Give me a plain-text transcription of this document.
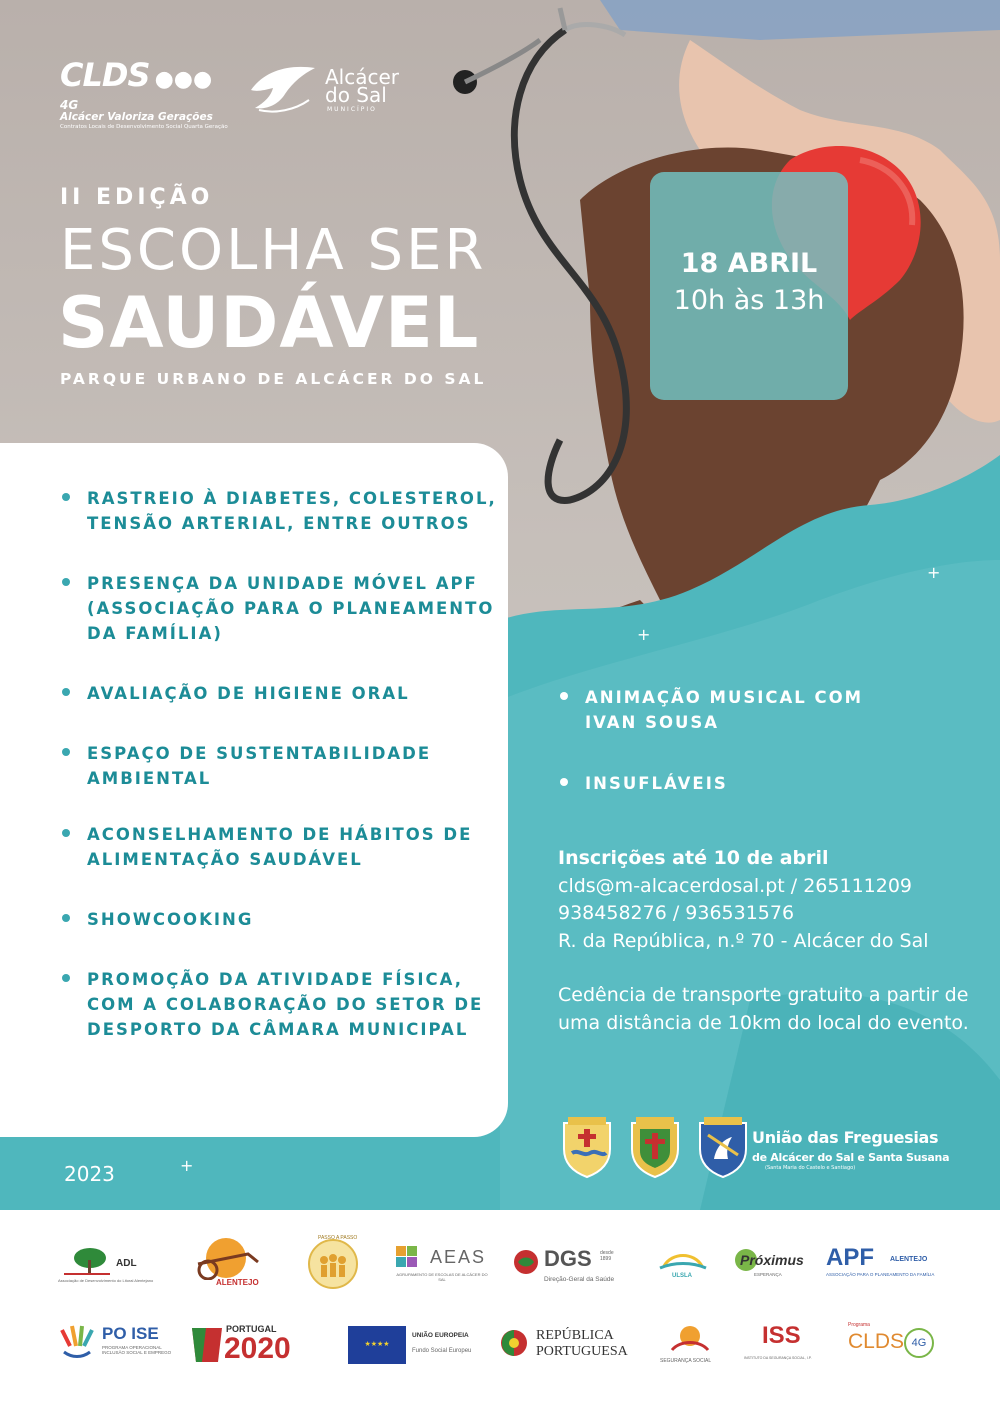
CLDS ●●● 4G
Alcácer Valoriza Gerações
Contratos Locais de Desenvolvimento Social Quarta Geração
Alcácer
do Sal
MUNICÍPIO
II EDIÇÃO
ESCOLHA SER
SAUDÁVEL
PARQUE URBANO DE ALCÁCER DO SAL
18 ABRIL
10h às 13h
RASTREIO À DIABETES, COLESTEROL, TENSÃO ARTERIAL, ENTRE OUTROS
PRESENÇA DA UNIDADE MÓVEL APF (ASSOCIAÇÃO PARA O PLANEAMENTO DA FAMÍLIA)
AVALIAÇÃO DE HIGIENE ORAL
ESPAÇO DE SUSTENTABILIDADE AMBIENTAL
ACONSELHAMENTO DE HÁBITOS DE ALIMENTAÇÃO SAUDÁVEL
SHOWCOOKING
PROMOÇÃO DA ATIVIDADE FÍSICA, COM A COLABORAÇÃO DO SETOR DE DESPORTO DA CÂMARA MUNICIPAL
ANIMAÇÃO MUSICAL COM IVAN SOUSA
INSUFLÁVEIS
Inscrições até 10 de abril
clds@m-alcacerdosal.pt / 265111209
938458276 / 936531576
R. da República, n.º 70 - Alcácer do Sal
Cedência de transporte gratuito a partir de uma distância de 10km do local do evento.
2023
+
+
+
União das Freguesias
de Alcácer do Sal e Santa Susana
(Santa Maria do Castelo e Santiago)
ADL
Associação de Desenvolvimento do Litoral Alentejano	ALENTEJO
PASSO A PASSO
AEAS
AGRUPAMENTO DE ESCOLAS DE ALCÁCER DO SAL
DGS desde 1899
Direção-Geral da Saúde	ULSLA
Próximus
ESPERANÇA
APF ALENTEJO
ASSOCIAÇÃO PARA O PLANEAMENTO DA FAMÍLIA
PO ISE
PROGRAMA OPERACIONAL INCLUSÃO SOCIAL E EMPREGO
PORTUGAL
2020	★★★★
UNIÃO EUROPEIA
Fundo Social Europeu
REPÚBLICA
PORTUGUESA
SEGURANÇA SOCIAL
ISS
INSTITUTO DA SEGURANÇA SOCIAL, I.P.
Programa
CLDS 4G
